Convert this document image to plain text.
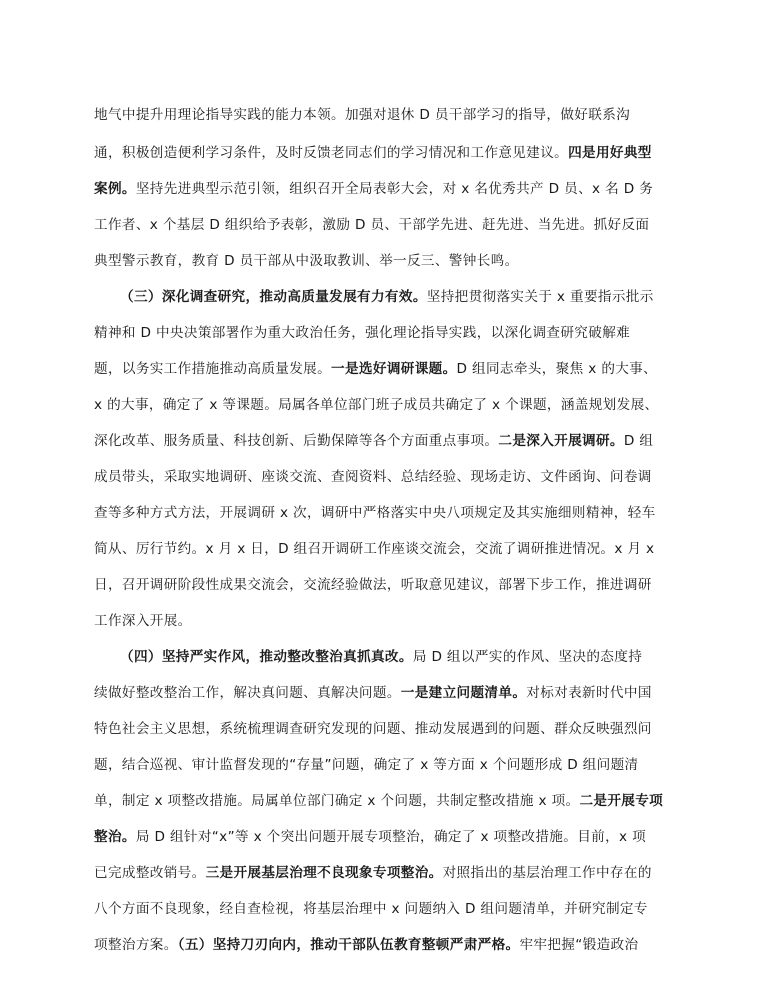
地气中提升用理论指导实践的能力本领。加强对退休 D 员干部学习的指导，做好联系沟
通，积极创造便利学习条件，及时反馈老同志们的学习情况和工作意见建议。四是用好典型
案例。坚持先进典型示范引领，组织召开全局表彰大会，对 x 名优秀共产 D 员、x 名 D 务
工作者、x 个基层 D 组织给予表彰，激励 D 员、干部学先进、赶先进、当先进。抓好反面
典型警示教育，教育 D 员干部从中汲取教训、举一反三、警钟长鸣。
（三）深化调查研究，推动高质量发展有力有效。坚持把贯彻落实关于 x 重要指示批示
精神和 D 中央决策部署作为重大政治任务，强化理论指导实践，以深化调查研究破解难
题，以务实工作措施推动高质量发展。一是选好调研课题。D 组同志牵头，聚焦 x 的大事、
x 的大事，确定了 x 等课题。局属各单位部门班子成员共确定了 x 个课题，涵盖规划发展、
深化改革、服务质量、科技创新、后勤保障等各个方面重点事项。二是深入开展调研。D 组
成员带头，采取实地调研、座谈交流、查阅资料、总结经验、现场走访、文件函询、问卷调
查等多种方式方法，开展调研 x 次，调研中严格落实中央八项规定及其实施细则精神，轻车
简从、厉行节约。x 月 x 日，D 组召开调研工作座谈交流会，交流了调研推进情况。x 月 x
日，召开调研阶段性成果交流会，交流经验做法，听取意见建议，部署下步工作，推进调研
工作深入开展。
（四）坚持严实作风，推动整改整治真抓真改。局 D 组以严实的作风、坚决的态度持
续做好整改整治工作，解决真问题、真解决问题。一是建立问题清单。对标对表新时代中国
特色社会主义思想，系统梳理调查研究发现的问题、推动发展遇到的问题、群众反映强烈问
题，结合巡视、审计监督发现的“存量”问题，确定了 x 等方面 x 个问题形成 D 组问题清
单，制定 x 项整改措施。局属单位部门确定 x 个问题，共制定整改措施 x 项。二是开展专项
整治。局 D 组针对“x”等 x 个突出问题开展专项整治，确定了 x 项整改措施。目前，x 项
已完成整改销号。三是开展基层治理不良现象专项整治。对照指出的基层治理工作中存在的
八个方面不良现象，经自查检视，将基层治理中 x 问题纳入 D 组问题清单，并研究制定专
项整治方案。（五）坚持刀刃向内，推动干部队伍教育整顿严肃严格。牢牢把握“锻造政治
